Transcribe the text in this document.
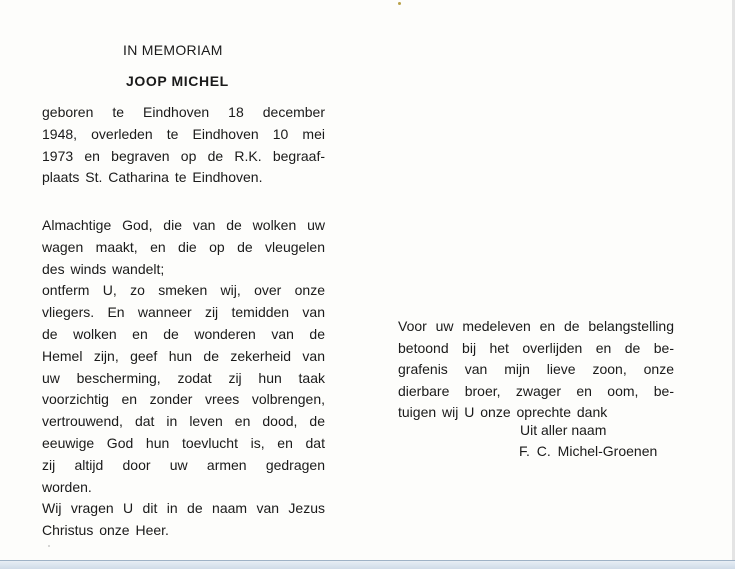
IN MEMORIAM
JOOP MICHEL
geboren te Eindhoven 18 december
1948, overleden te Eindhoven 10 mei
1973 en begraven op de R.K. begraaf-
plaats St. Catharina te Eindhoven.
Almachtige God, die van de wolken uw
wagen maakt, en die op de vleugelen
des winds wandelt;
ontferm U, zo smeken wij, over onze
vliegers. En wanneer zij temidden van
de wolken en de wonderen van de
Hemel zijn, geef hun de zekerheid van
uw bescherming, zodat zij hun taak
voorzichtig en zonder vrees volbrengen,
vertrouwend, dat in leven en dood, de
eeuwige God hun toevlucht is, en dat
zij altijd door uw armen gedragen
worden.
Wij vragen U dit in de naam van Jezus
Christus onze Heer.
Voor uw medeleven en de belangstelling
betoond bij het overlijden en de be-
grafenis van mijn lieve zoon, onze
dierbare broer, zwager en oom, be-
tuigen wij U onze oprechte dank
Uit aller naam
F. C. Michel-Groenen
